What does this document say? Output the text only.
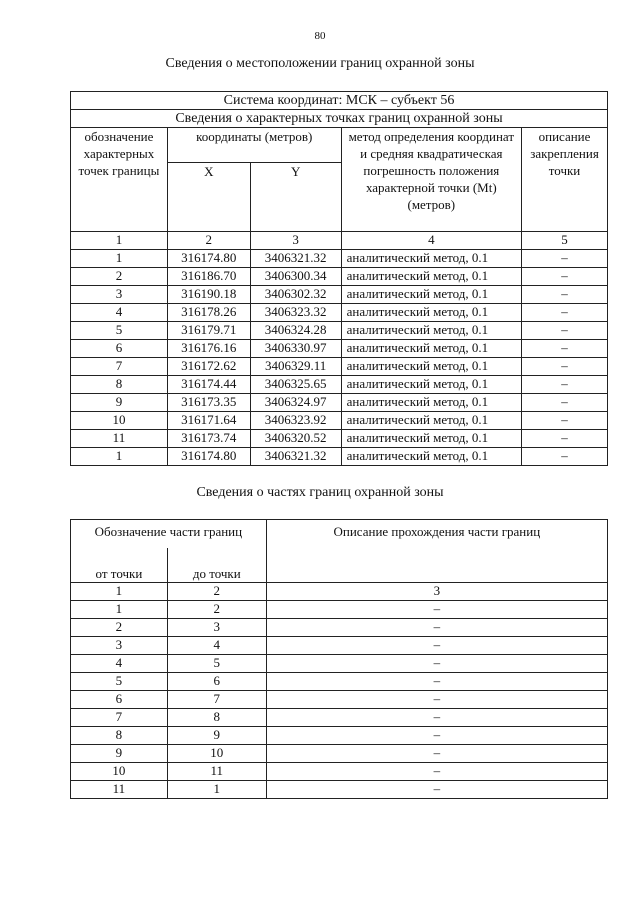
80
Сведения о местоположении границ охранной зоны
Система координат: МСК – субъект 56				
Сведения о характерных точках границ охранной зоны				
обозначение характерных точек границы	координаты (метров)		метод определения координат и средняя квадратическая погрешность положения характерной точки (Mt) (метров)	описание закрепления точки
	X	Y		
1	2	3	4	5
1	316174.80	3406321.32	аналитический метод, 0.1	–
2	316186.70	3406300.34	аналитический метод, 0.1	–
3	316190.18	3406302.32	аналитический метод, 0.1	–
4	316178.26	3406323.32	аналитический метод, 0.1	–
5	316179.71	3406324.28	аналитический метод, 0.1	–
6	316176.16	3406330.97	аналитический метод, 0.1	–
7	316172.62	3406329.11	аналитический метод, 0.1	–
8	316174.44	3406325.65	аналитический метод, 0.1	–
9	316173.35	3406324.97	аналитический метод, 0.1	–
10	316171.64	3406323.92	аналитический метод, 0.1	–
11	316173.74	3406320.52	аналитический метод, 0.1	–
1	316174.80	3406321.32	аналитический метод, 0.1	–
Сведения о частях границ охранной зоны
Обозначение части границ		Описание прохождения части границ
от точки	до точки	
1	2	3
1	2	–
2	3	–
3	4	–
4	5	–
5	6	–
6	7	–
7	8	–
8	9	–
9	10	–
10	11	–
11	1	–
